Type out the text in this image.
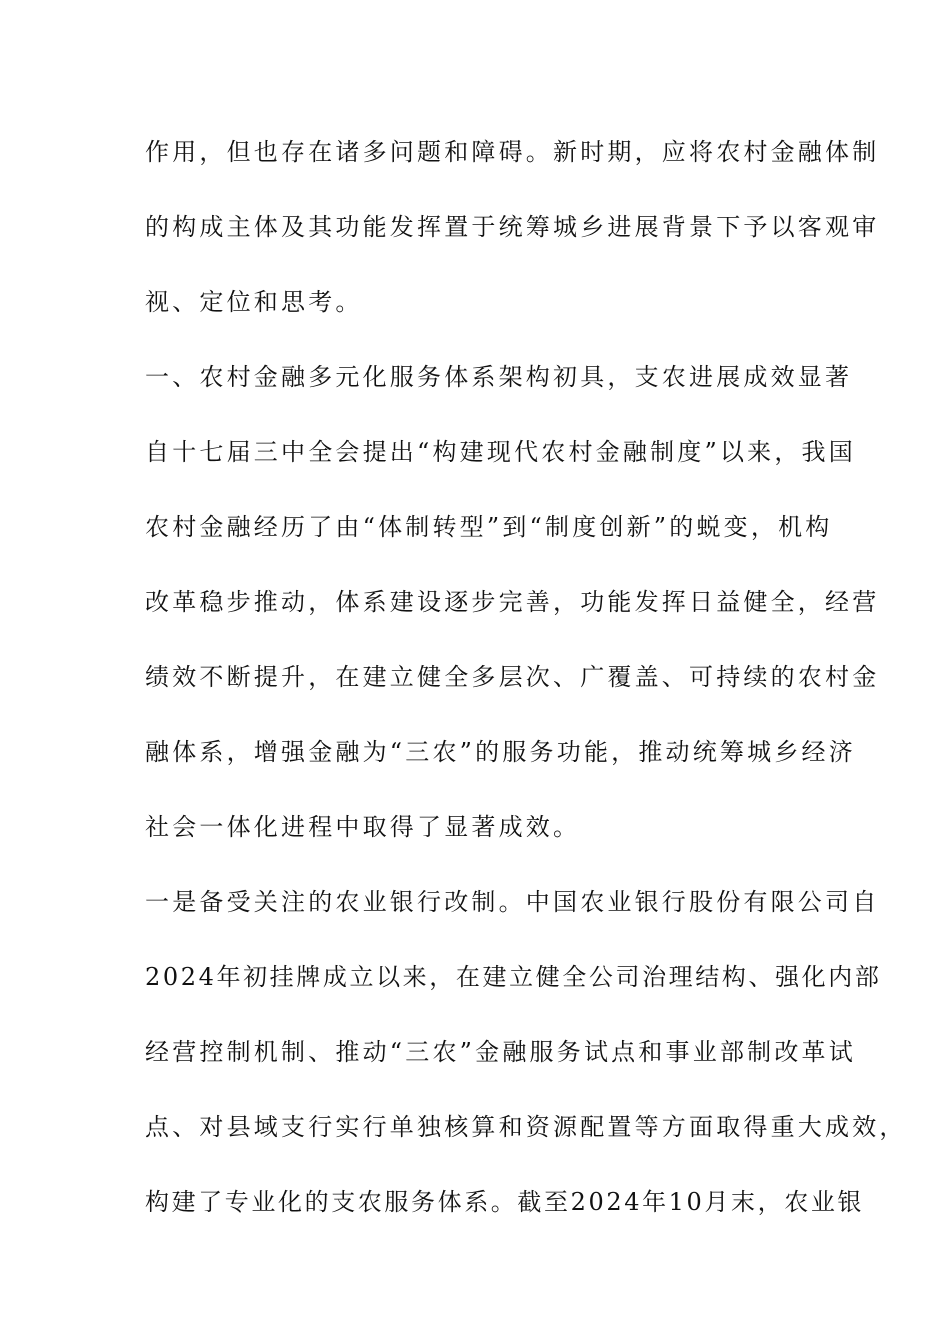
作用，但也存在诸多问题和障碍。新时期，应将农村金融体制
的构成主体及其功能发挥置于统筹城乡进展背景下予以客观审
视、定位和思考。
一、农村金融多元化服务体系架构初具，支农进展成效显著
自十七届三中全会提出“构建现代农村金融制度”以来，我国
农村金融经历了由“体制转型”到“制度创新”的蜕变，机构
改革稳步推动，体系建设逐步完善，功能发挥日益健全，经营
绩效不断提升，在建立健全多层次、广覆盖、可持续的农村金
融体系，增强金融为“三农”的服务功能，推动统筹城乡经济
社会一体化进程中取得了显著成效。
一是备受关注的农业银行改制。中国农业银行股份有限公司自
2024年初挂牌成立以来，在建立健全公司治理结构、强化内部
经营控制机制、推动“三农”金融服务试点和事业部制改革试
点、对县域支行实行单独核算和资源配置等方面取得重大成效，
构建了专业化的支农服务体系。截至2024年10月末，农业银
